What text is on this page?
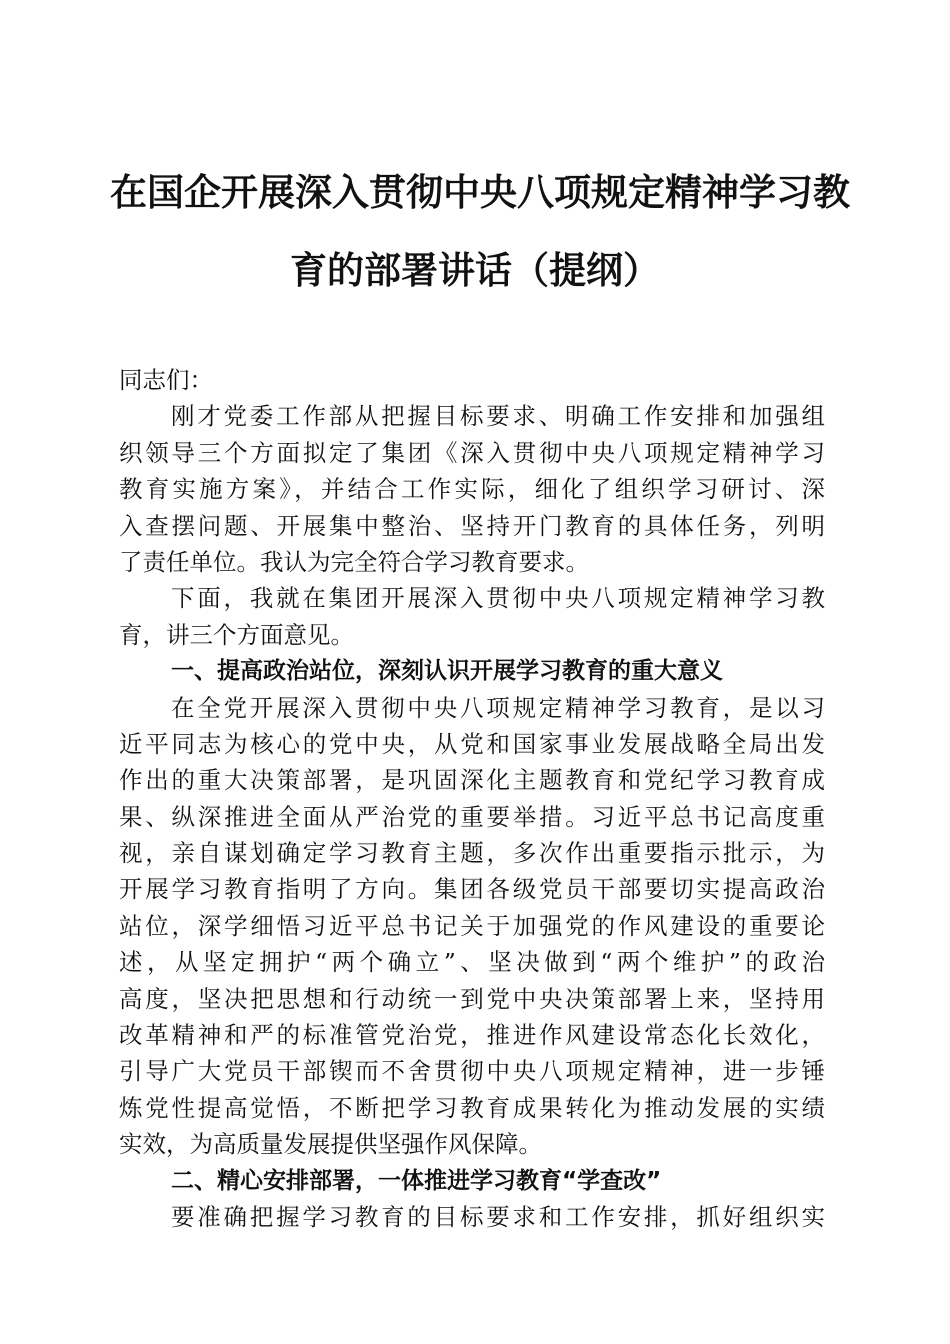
在国企开展深入贯彻中央八项规定精神学习教
育的部署讲话（提纲）
同志们：
刚才党委工作部从把握目标要求、明确工作安排和加强组
织领导三个方面拟定了集团《深入贯彻中央八项规定精神学习
教育实施方案》，并结合工作实际，细化了组织学习研讨、深
入查摆问题、开展集中整治、坚持开门教育的具体任务，列明
了责任单位。我认为完全符合学习教育要求。
下面，我就在集团开展深入贯彻中央八项规定精神学习教
育，讲三个方面意见。
一、提高政治站位，深刻认识开展学习教育的重大意义
在全党开展深入贯彻中央八项规定精神学习教育，是以习
近平同志为核心的党中央，从党和国家事业发展战略全局出发
作出的重大决策部署，是巩固深化主题教育和党纪学习教育成
果、纵深推进全面从严治党的重要举措。习近平总书记高度重
视，亲自谋划确定学习教育主题，多次作出重要指示批示，为
开展学习教育指明了方向。集团各级党员干部要切实提高政治
站位，深学细悟习近平总书记关于加强党的作风建设的重要论
述，从坚定拥护“两个确立”、坚决做到“两个维护”的政治
高度，坚决把思想和行动统一到党中央决策部署上来，坚持用
改革精神和严的标准管党治党，推进作风建设常态化长效化，
引导广大党员干部锲而不舍贯彻中央八项规定精神，进一步锤
炼党性提高觉悟，不断把学习教育成果转化为推动发展的实绩
实效，为高质量发展提供坚强作风保障。
二、精心安排部署，一体推进学习教育“学查改”
要准确把握学习教育的目标要求和工作安排，抓好组织实
